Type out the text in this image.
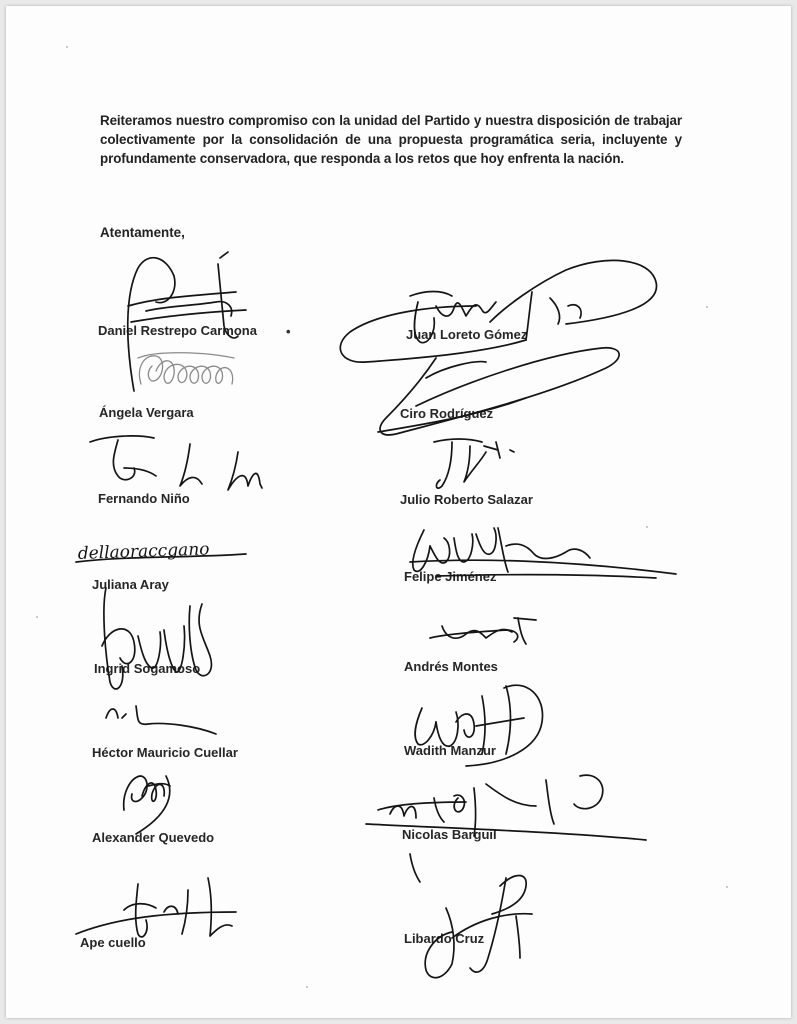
Reiteramos nuestro compromiso con la unidad del Partido y nuestra disposición de trabajar colectivamente por la consolidación de una propuesta programática seria, incluyente y profundamente conservadora, que responda a los retos que hoy enfrenta la nación.

Atentamente,
Daniel Restrepo Carmona •
Ángela Vergara
Fernando Niño
Juliana Aray
Ingrid Sogamoso
Héctor Mauricio Cuellar
Alexander Quevedo
Ape cuello
Juan Loreto Gómez
Ciro Rodríguez
Julio Roberto Salazar
Felipe Jiménez
Andrés Montes
Wadith Manzur
Nicolas Barguil
Libardo Cruz
dellaoraccgano
